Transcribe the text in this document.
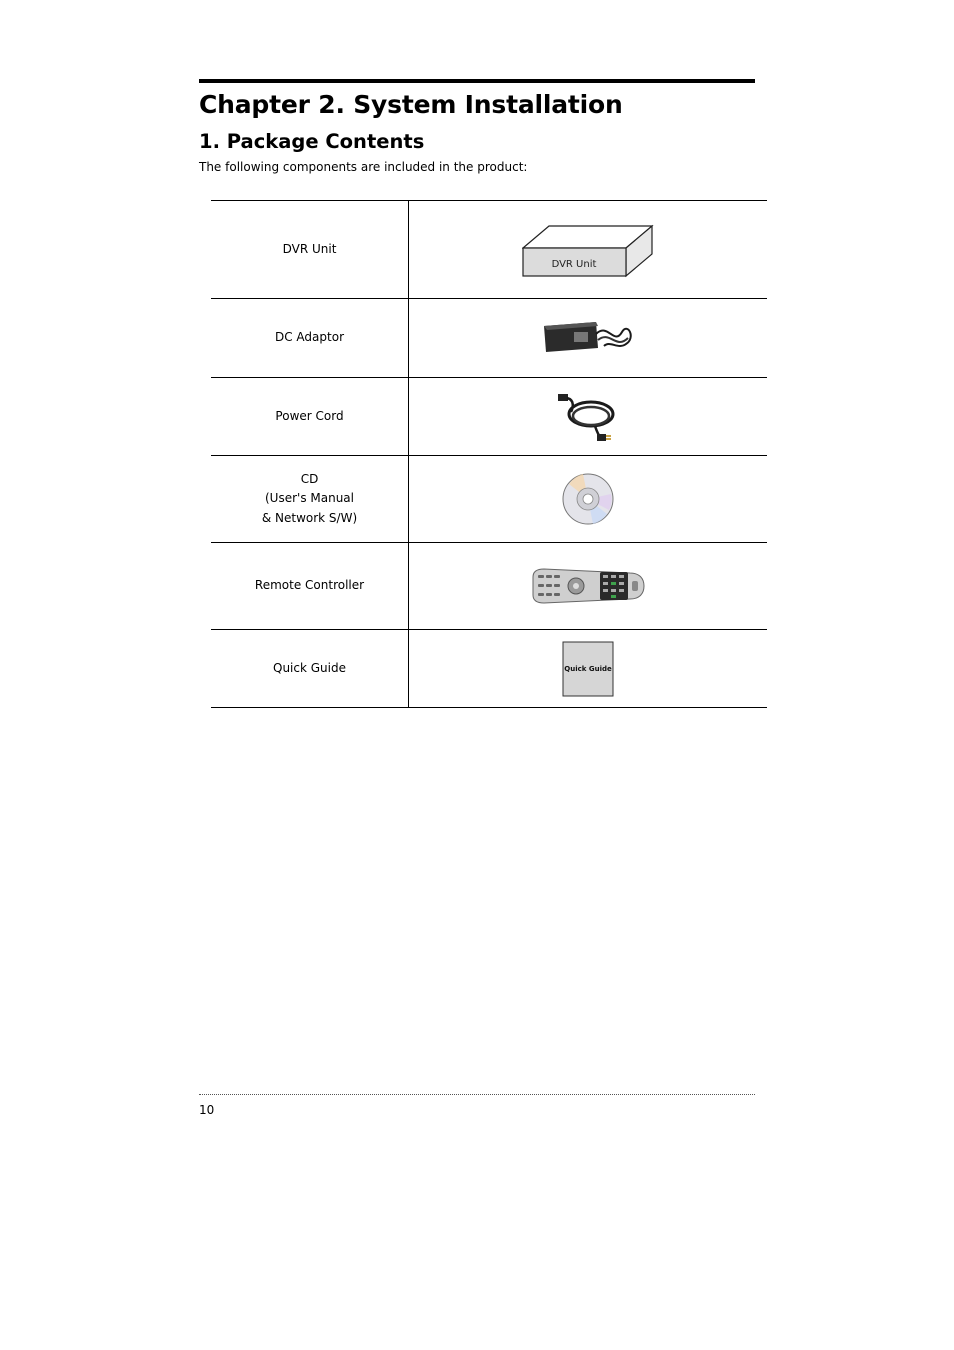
Chapter 2. System Installation
1. Package Contents

The following components are included in the product:

DVR Unit	DVR Unit

DC Adaptor	

Power Cord	

CD
(User's Manual
& Network S/W)	

Remote Controller	

Quick Guide	Quick Guide
10
